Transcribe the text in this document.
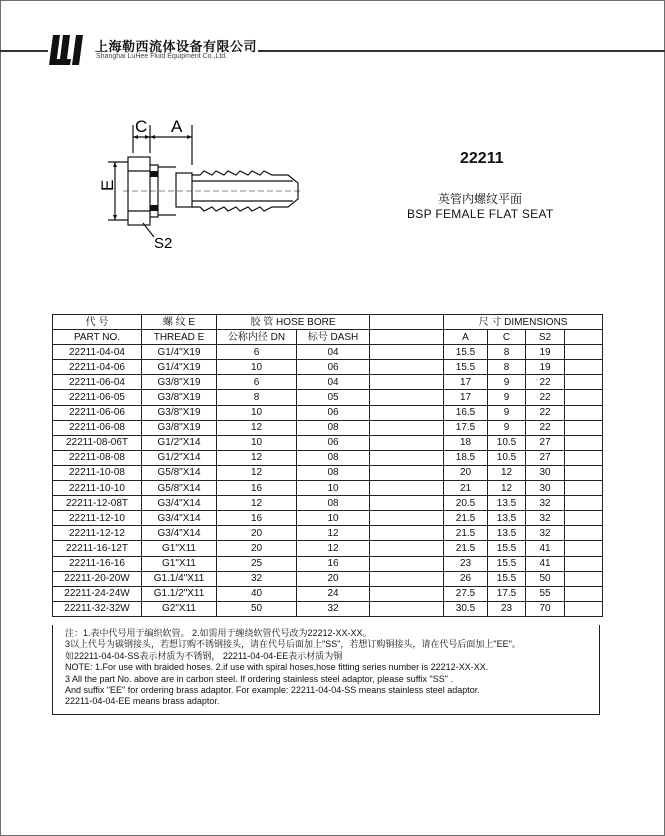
上海勒西流体设备有限公司
Shanghai LuHee Fluid Equipment Co.,Ltd.
C A
E
S2
22211
英管内螺纹平面
BSP FEMALE FLAT SEAT
代 号	螺 纹 E	胶 管 HOSE BORE			尺 寸 DIMENSIONS			
PART NO.	THREAD E	公称内径 DN	标号 DASH		A	C	S2	
22211-04-04	G1/4"X19	6	04		15.5	8	19	
22211-04-06	G1/4"X19	10	06		15.5	8	19	
22211-06-04	G3/8"X19	6	04		17	9	22	
22211-06-05	G3/8"X19	8	05		17	9	22	
22211-06-06	G3/8"X19	10	06		16.5	9	22	
22211-06-08	G3/8"X19	12	08		17.5	9	22	
22211-08-06T	G1/2"X14	10	06		18	10.5	27	
22211-08-08	G1/2"X14	12	08		18.5	10.5	27	
22211-10-08	G5/8"X14	12	08		20	12	30	
22211-10-10	G5/8"X14	16	10		21	12	30	
22211-12-08T	G3/4"X14	12	08		20.5	13.5	32	
22211-12-10	G3/4"X14	16	10		21.5	13.5	32	
22211-12-12	G3/4"X14	20	12		21.5	13.5	32	
22211-16-12T	G1"X11	20	12		21.5	15.5	41	
22211-16-16	G1"X11	25	16		23	15.5	41	
22211-20-20W	G1.1/4"X11	32	20		26	15.5	50	
22211-24-24W	G1.1/2"X11	40	24		27.5	17.5	55	
22211-32-32W	G2"X11	50	32		30.5	23	70	
注：1.表中代号用于编织软管。 2.如需用于缠绕软管代号改为22212-XX-XX。
3以上代号为碳钢接头，若想订购不锈钢接头，请在代号后面加上"SS"，若想订购铜接头，请在代号后面加上"EE"。
如22211-04-04-SS表示材质为不锈钢， 22211-04-04-EE表示材质为铜
NOTE: 1.For use with braided hoses. 2.if use with spiral hoses,hose fitting series number is 22212-XX-XX.
3 All the part No. above are in carbon steel. If ordering stainless steel adaptor, please suffix "SS" .
And suffix "EE" for ordering brass adaptor. For example: 22211-04-04-SS means stainless steel adaptor.
22211-04-04-EE means brass adaptor.
